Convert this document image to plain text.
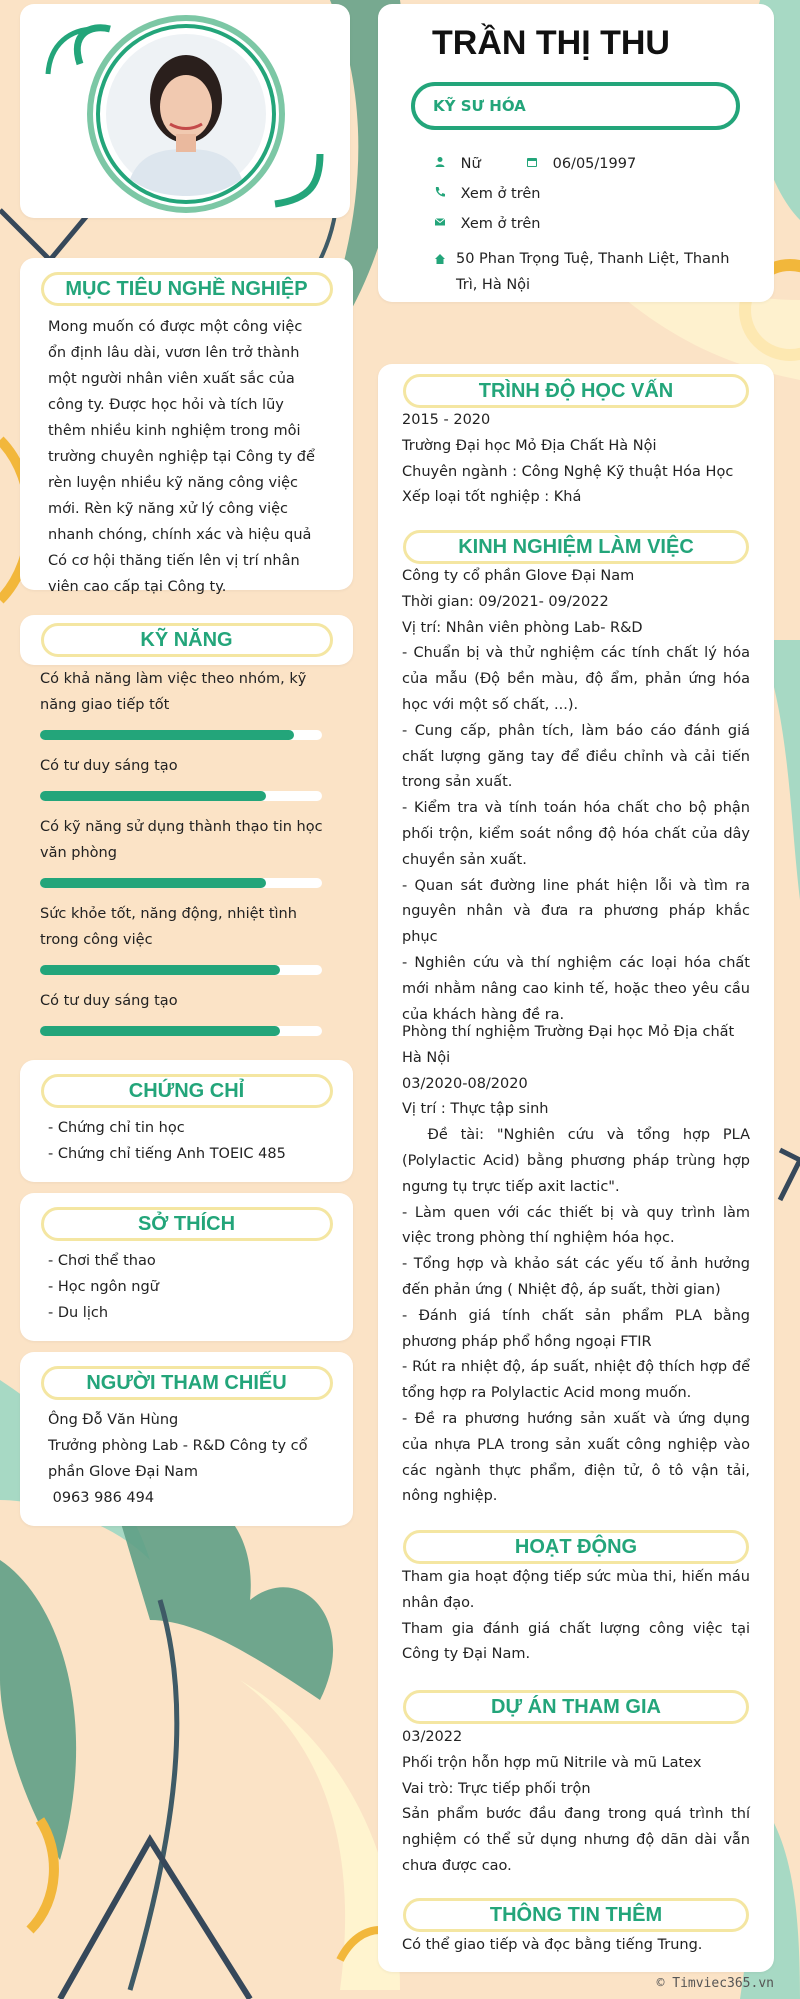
TRẦN THỊ THU
KỸ SƯ HÓA
Nữ	06/05/1997
Xem ở trên
Xem ở trên
50 Phan Trọng Tuệ, Thanh Liệt, Thanh Trì, Hà Nội
MỤC TIÊU NGHỀ NGHIỆP
Mong muốn có được một công việc ổn định lâu dài, vươn lên trở thành một người nhân viên xuất sắc của công ty. Được học hỏi và tích lũy thêm nhiều kinh nghiệm trong môi trường chuyên nghiệp tại Công ty để rèn luyện nhiều kỹ năng công việc mới. Rèn kỹ năng xử lý công việc nhanh chóng, chính xác và hiệu quả Có cơ hội thăng tiến lên vị trí nhân viên cao cấp tại Công ty.
KỸ NĂNG
Có khả năng làm việc theo nhóm, kỹ năng giao tiếp tốt
Có tư duy sáng tạo
Có kỹ năng sử dụng thành thạo tin học văn phòng
Sức khỏe tốt, năng động, nhiệt tình trong công việc
Có tư duy sáng tạo
CHỨNG CHỈ
- Chứng chỉ tin học
- Chứng chỉ tiếng Anh TOEIC 485
SỞ THÍCH
- Chơi thể thao
- Học ngôn ngữ
- Du lịch
NGƯỜI THAM CHIẾU
Ông Đỗ Văn Hùng
Trưởng phòng Lab - R&D Công ty cổ phần Glove Đại Nam
0963 986 494
TRÌNH ĐỘ HỌC VẤN
2015 - 2020
Trường Đại học Mỏ Địa Chất Hà Nội
Chuyên ngành : Công Nghệ Kỹ thuật Hóa Học
Xếp loại tốt nghiệp : Khá
KINH NGHIỆM LÀM VIỆC
Công ty cổ phần Glove Đại Nam
Thời gian: 09/2021- 09/2022
Vị trí: Nhân viên phòng Lab- R&D
- Chuẩn bị và thử nghiệm các tính chất lý hóa của mẫu (Độ bền màu, độ ẩm, phản ứng hóa học với một số chất, ...).
- Cung cấp, phân tích, làm báo cáo đánh giá chất lượng găng tay để điều chỉnh và cải tiến trong sản xuất.
- Kiểm tra và tính toán hóa chất cho bộ phận phối trộn, kiểm soát nồng độ hóa chất của dây chuyền sản xuất.
- Quan sát đường line phát hiện lỗi và tìm ra nguyên nhân và đưa ra phương pháp khắc phục
- Nghiên cứu và thí nghiệm các loại hóa chất mới nhằm nâng cao kinh tế, hoặc theo yêu cầu của khách hàng đề ra.
Phòng thí nghiệm Trường Đại học Mỏ Địa chất Hà Nội
03/2020-08/2020
Vị trí : Thực tập sinh
Đề tài: "Nghiên cứu và tổng hợp PLA (Polylactic Acid) bằng phương pháp trùng hợp ngưng tụ trực tiếp axit lactic".
- Làm quen với các thiết bị và quy trình làm việc trong phòng thí nghiệm hóa học.
- Tổng hợp và khảo sát các yếu tố ảnh hưởng đến phản ứng ( Nhiệt độ, áp suất, thời gian)
- Đánh giá tính chất sản phẩm PLA bằng phương pháp phổ hồng ngoại FTIR
- Rút ra nhiệt độ, áp suất, nhiệt độ thích hợp để tổng hợp ra Polylactic Acid mong muốn.
- Đề ra phương hướng sản xuất và ứng dụng của nhựa PLA trong sản xuất công nghiệp vào các ngành thực phẩm, điện tử, ô tô vận tải, nông nghiệp.
HOẠT ĐỘNG
Tham gia hoạt động tiếp sức mùa thi, hiến máu nhân đạo.
Tham gia đánh giá chất lượng công việc tại Công ty Đại Nam.
DỰ ÁN THAM GIA
03/2022
Phối trộn hỗn hợp mũ Nitrile và mũ Latex
Vai trò: Trực tiếp phối trộn
Sản phẩm bước đầu đang trong quá trình thí nghiệm có thể sử dụng nhưng độ dãn dài vẫn chưa được cao.
THÔNG TIN THÊM
Có thể giao tiếp và đọc bằng tiếng Trung.
© Timviec365.vn
